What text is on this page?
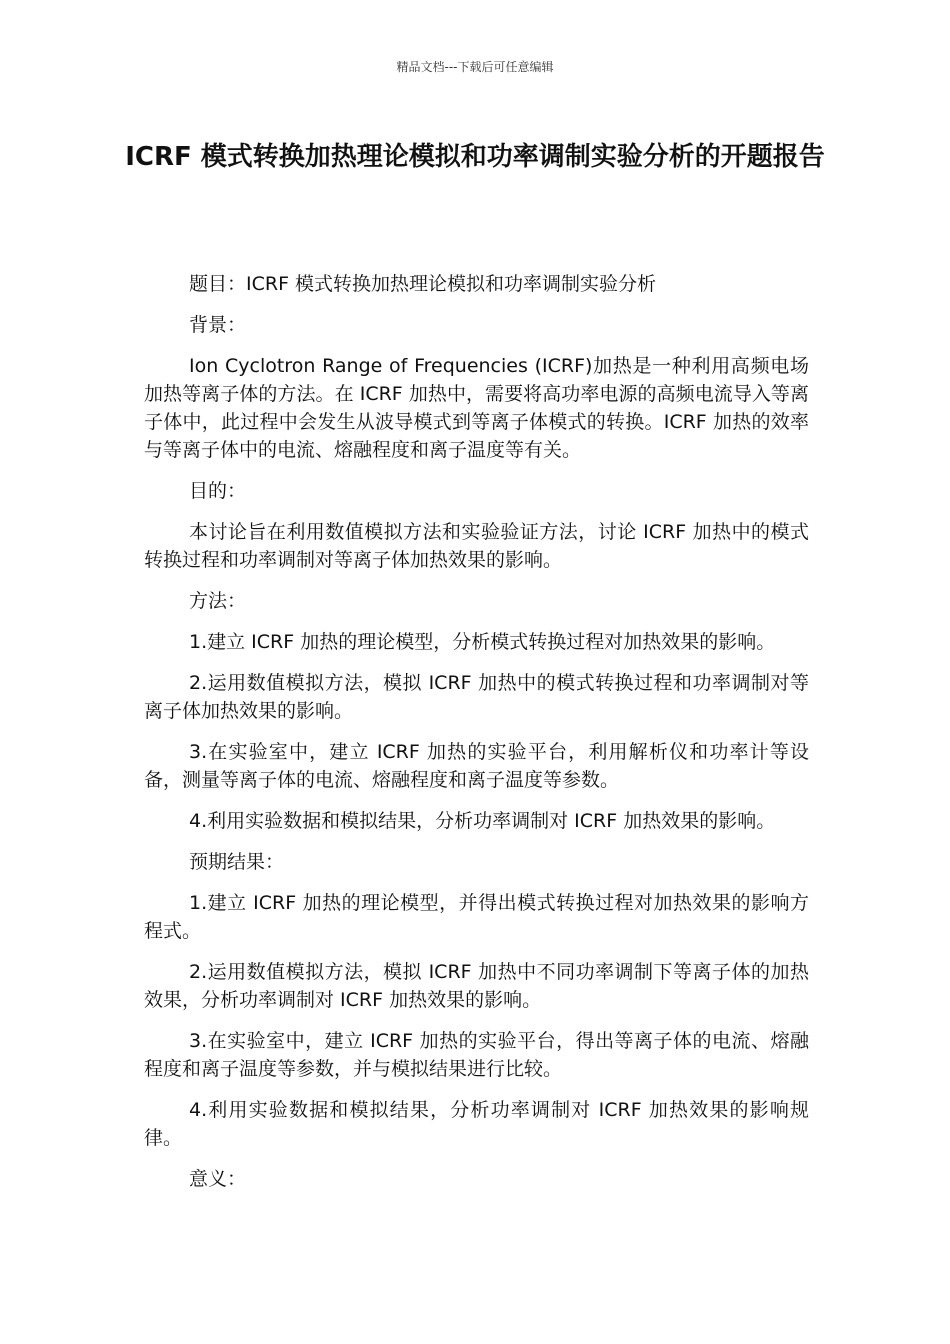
精品文档---下载后可任意编辑
ICRF 模式转换加热理论模拟和功率调制实验分析的开题报告

题目：ICRF 模式转换加热理论模拟和功率调制实验分析

背景：

Ion Cyclotron Range of Frequencies (ICRF)加热是一种利用高频电场加热等离子体的方法。在 ICRF 加热中，需要将高功率电源的高频电流导入等离子体中，此过程中会发生从波导模式到等离子体模式的转换。ICRF 加热的效率与等离子体中的电流、熔融程度和离子温度等有关。

目的：

本讨论旨在利用数值模拟方法和实验验证方法，讨论 ICRF 加热中的模式转换过程和功率调制对等离子体加热效果的影响。

方法：

1.建立 ICRF 加热的理论模型，分析模式转换过程对加热效果的影响。

2.运用数值模拟方法，模拟 ICRF 加热中的模式转换过程和功率调制对等离子体加热效果的影响。

3.在实验室中，建立 ICRF 加热的实验平台，利用解析仪和功率计等设备，测量等离子体的电流、熔融程度和离子温度等参数。

4.利用实验数据和模拟结果，分析功率调制对 ICRF 加热效果的影响。

预期结果：

1.建立 ICRF 加热的理论模型，并得出模式转换过程对加热效果的影响方程式。

2.运用数值模拟方法，模拟 ICRF 加热中不同功率调制下等离子体的加热效果，分析功率调制对 ICRF 加热效果的影响。

3.在实验室中，建立 ICRF 加热的实验平台，得出等离子体的电流、熔融程度和离子温度等参数，并与模拟结果进行比较。

4.利用实验数据和模拟结果，分析功率调制对 ICRF 加热效果的影响规律。

意义：
